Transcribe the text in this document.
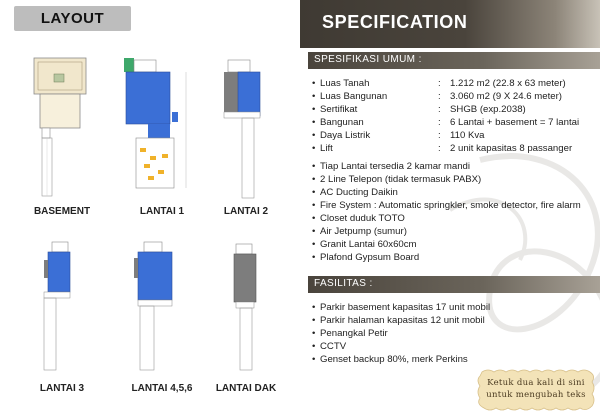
LAYOUT
BASEMENT	LANTAI 1	LANTAI 2
LANTAI 3	LANTAI 4,5,6	LANTAI DAK
SPECIFICATION
SPESIFIKASI UMUM :
• Luas Tanah	: 1.212 m2 (22.8 x 63 meter)
• Luas Bangunan	: 3.060 m2 (9 X 24.6 meter)
• Sertifikat	: SHGB (exp.2038)
• Bangunan	: 6 Lantai + basement = 7 lantai
• Daya Listrik	: 110 Kva
• Lift	: 2 unit kapasitas 8 passanger
• Tiap Lantai tersedia 2 kamar mandi
• 2 Line Telepon (tidak termasuk PABX)
• AC Ducting Daikin
• Fire System : Automatic springkler, smoke detector, fire alarm
• Closet duduk TOTO
• Air Jetpump (sumur)
• Granit Lantai 60x60cm
• Plafond Gypsum Board
FASILITAS :
• Parkir basement kapasitas 17 unit mobil
• Parkir halaman kapasitas 12 unit mobil
• Penangkal Petir
• CCTV
• Genset backup 80%, merk Perkins
Ketuk dua kali di sini
untuk mengubah teks
